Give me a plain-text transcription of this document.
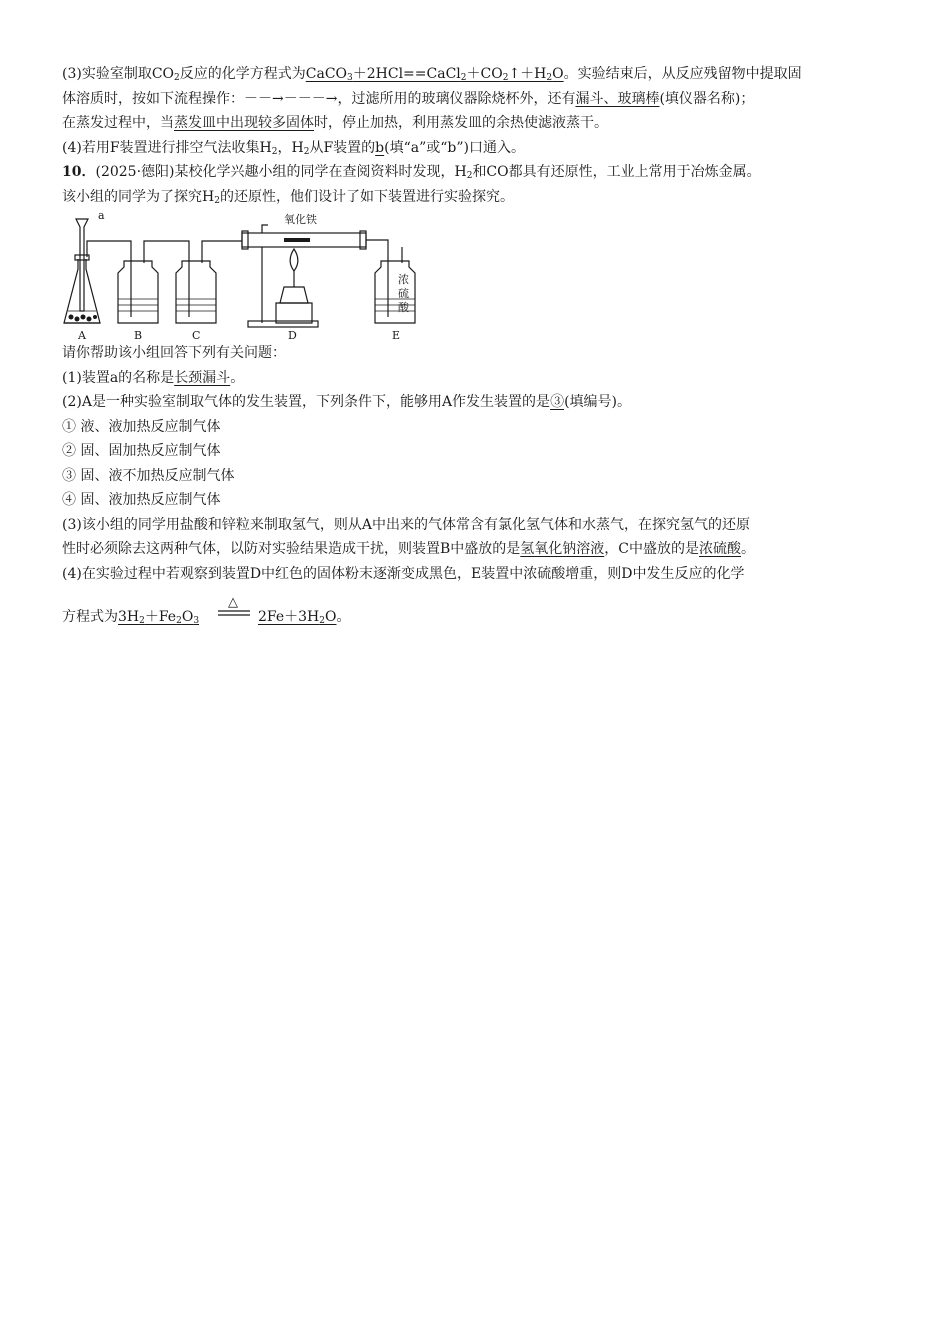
(3)实验室制取$CO_2$反应的化学方程式为$CaCO_3+2HCl==CaCl_2+CO_2↑+H_2O$。实验结束后，从反应残留物中提取固
体溶质时，按如下流程操作：－－→－－－→，过滤所用的玻璃仪器除烧杯外，还有漏斗、玻璃棒(填仪器名称)；
在蒸发过程中，当蒸发皿中出现较多固体时，停止加热，利用蒸发皿的余热使滤液蒸干。
(4)若用F装置进行排空气法收集$H_2$，$H_2$从F装置的b(填“a”或“b”)口通入。
10．(2025·德阳)某校化学兴趣小组的同学在查阅资料时发现，$H_2$和CO都具有还原性，工业上常用于冶炼金属。
该小组的同学为了探究$H_2$的还原性，他们设计了如下装置进行实验探究。
a	氧化铁
浓
硫
酸
A	B	C	D	E
请你帮助该小组回答下列有关问题：
(1)装置a的名称是长颈漏斗。
(2)A是一种实验室制取气体的发生装置，下列条件下，能够用A作发生装置的是③(填编号)。
① 液、液加热反应制气体
② 固、固加热反应制气体
③ 固、液不加热反应制气体
④ 固、液加热反应制气体
(3)该小组的同学用盐酸和锌粒来制取氢气，则从A中出来的气体常含有氯化氢气体和水蒸气，在探究氢气的还原
性时必须除去这两种气体，以防对实验结果造成干扰，则装置B中盛放的是氢氧化钠溶液，C中盛放的是浓硫酸。
(4)在实验过程中若观察到装置D中红色的固体粉末逐渐变成黑色，E装置中浓硫酸增重，则D中发生反应的化学
方程式为$3H_2+Fe_2O_3$
△
$2Fe+3H_2O$。
